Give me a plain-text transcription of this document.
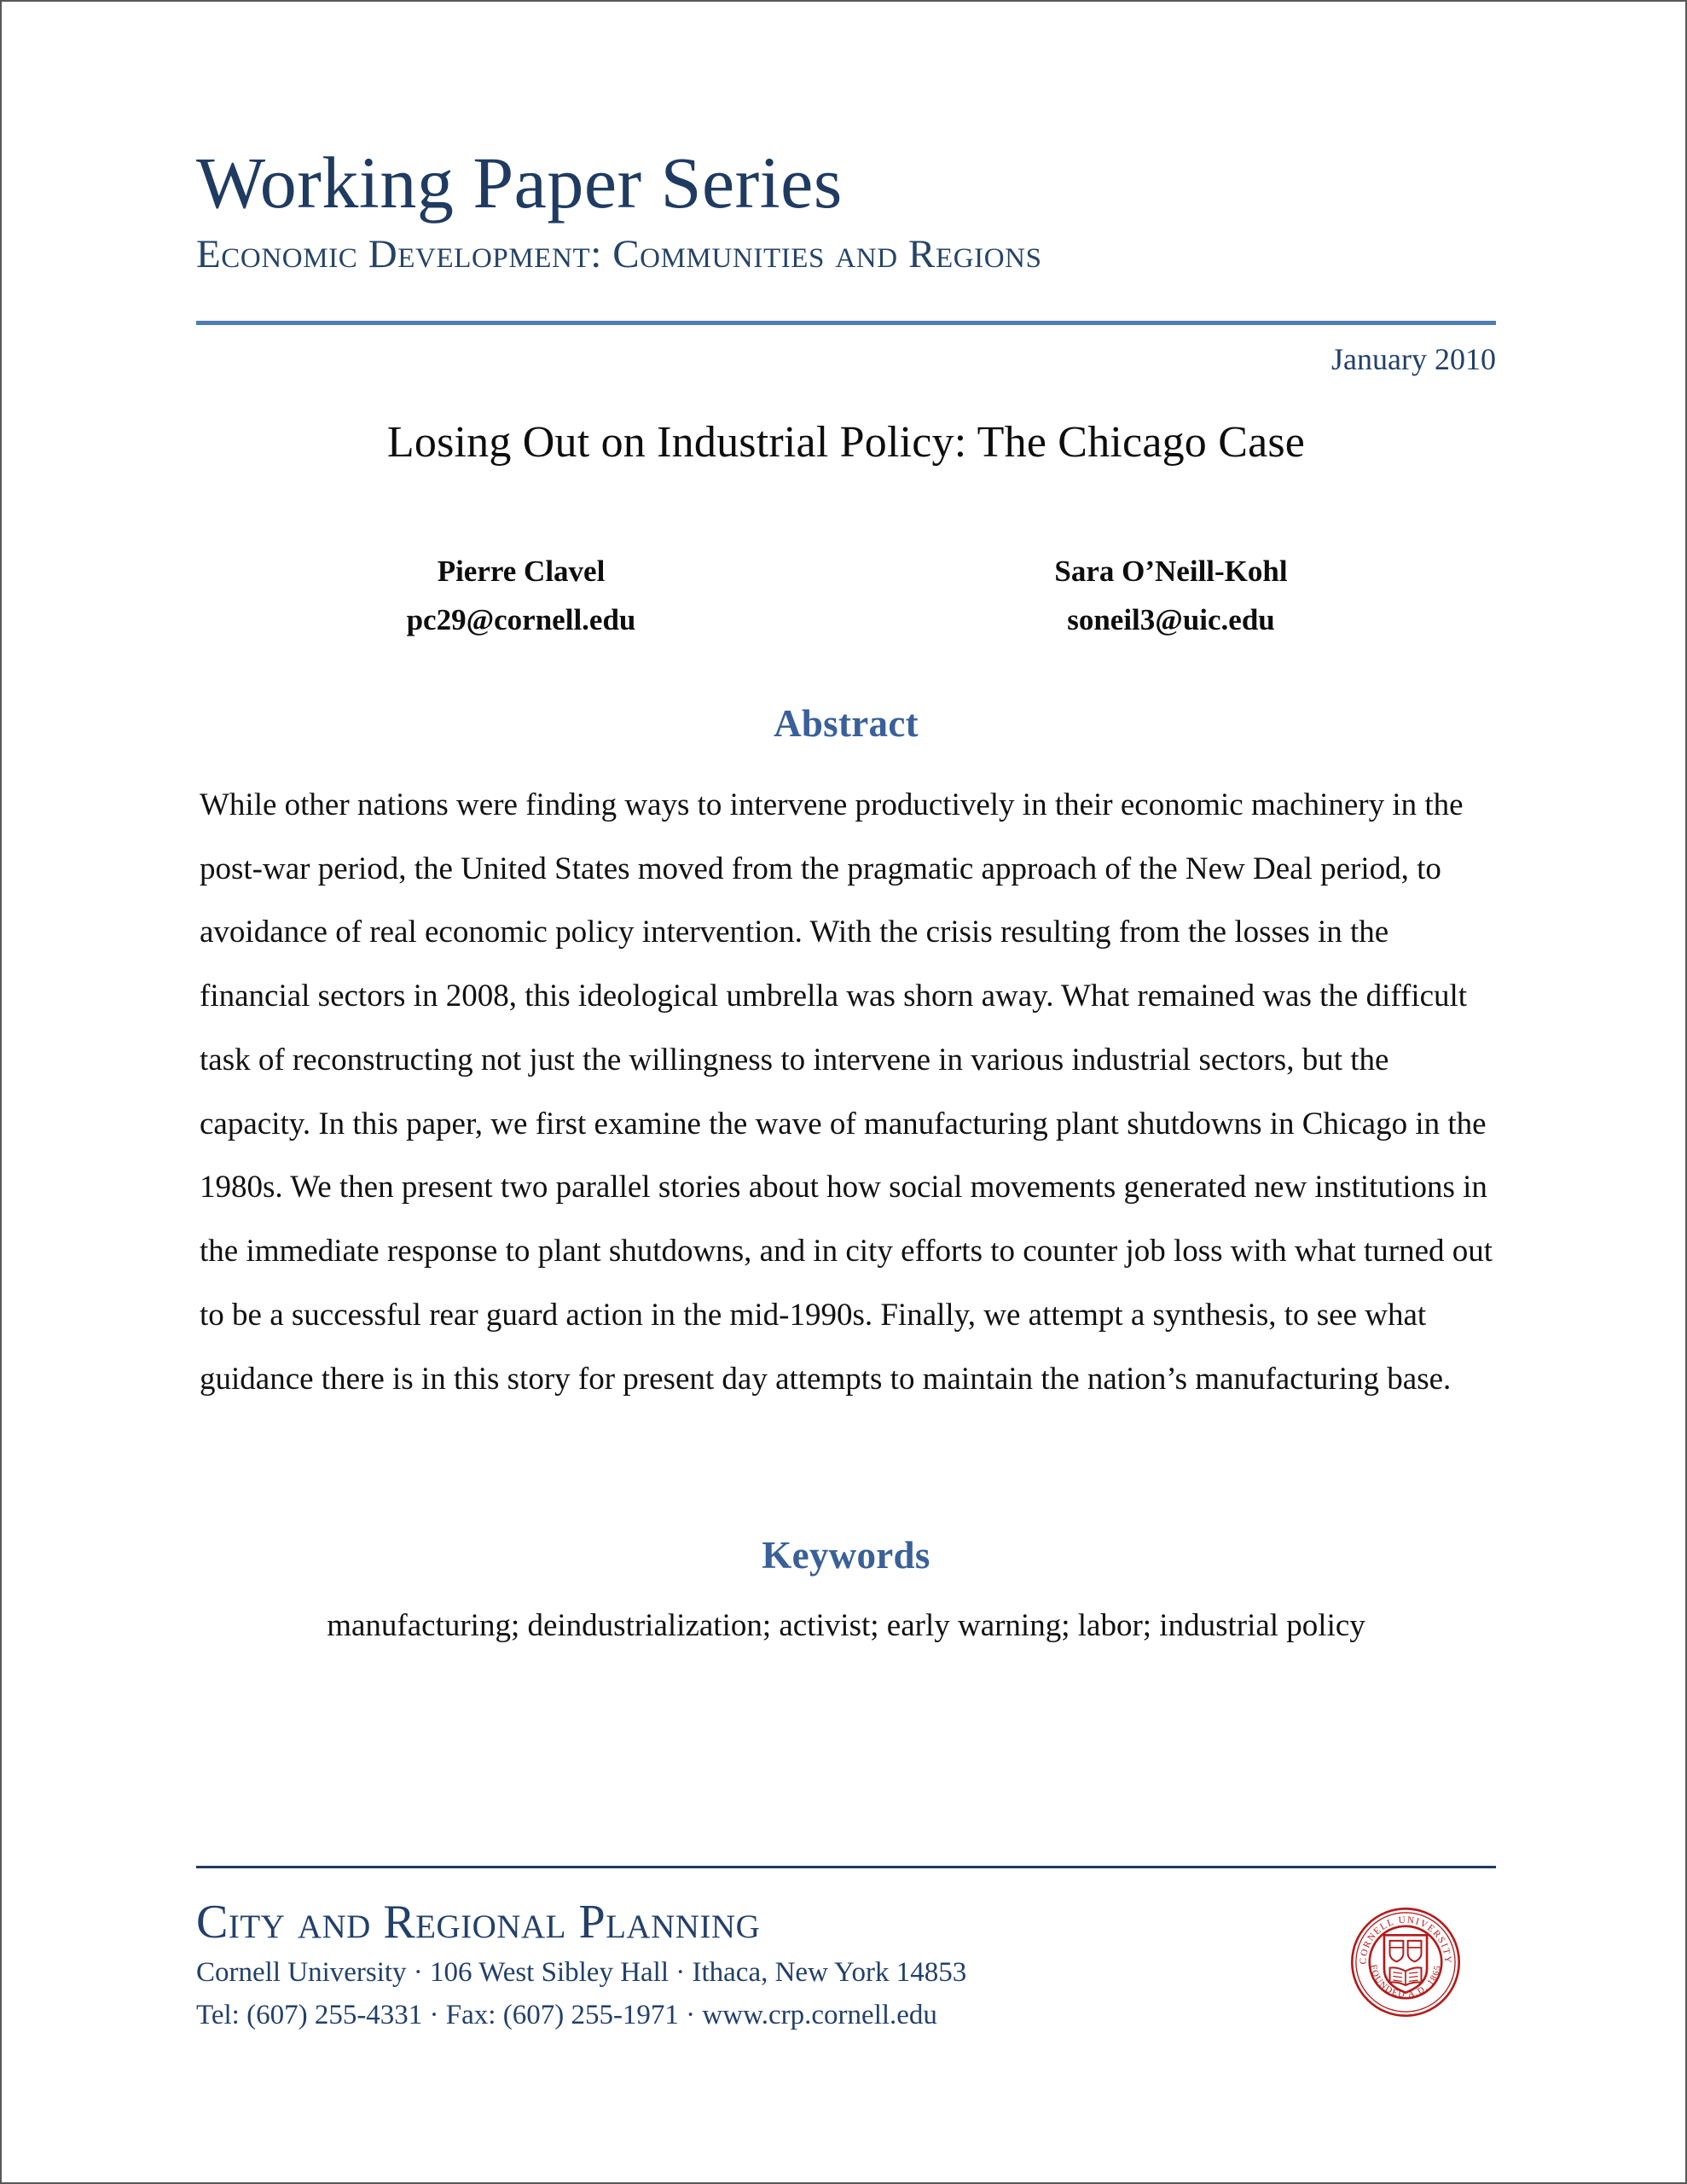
Working Paper Series
Economic Development: Communities and Regions
January 2010
Losing Out on Industrial Policy: The Chicago Case
Pierre Clavel
pc29@cornell.edu
Sara O’Neill-Kohl
soneil3@uic.edu
Abstract
While other nations were finding ways to intervene productively in their economic machinery in the post-war period, the United States moved from the pragmatic approach of the New Deal period, to avoidance of real economic policy intervention. With the crisis resulting from the losses in the financial sectors in 2008, this ideological umbrella was shorn away. What remained was the difficult task of reconstructing not just the willingness to intervene in various industrial sectors, but the capacity. In this paper, we first examine the wave of manufacturing plant shutdowns in Chicago in the 1980s. We then present two parallel stories about how social movements generated new institutions in the immediate response to plant shutdowns, and in city efforts to counter job loss with what turned out to be a successful rear guard action in the mid-1990s. Finally, we attempt a synthesis, to see what guidance there is in this story for present day attempts to maintain the nation’s manufacturing base.
Keywords
manufacturing; deindustrialization; activist; early warning; labor; industrial policy
City and Regional Planning
Cornell University · 106 West Sibley Hall · Ithaca, New York 14853
Tel: (607) 255-4331 · Fax: (607) 255-1971 · www.crp.cornell.edu
CORNELL UNIVERSITY
FOUNDED A.D. 1865
